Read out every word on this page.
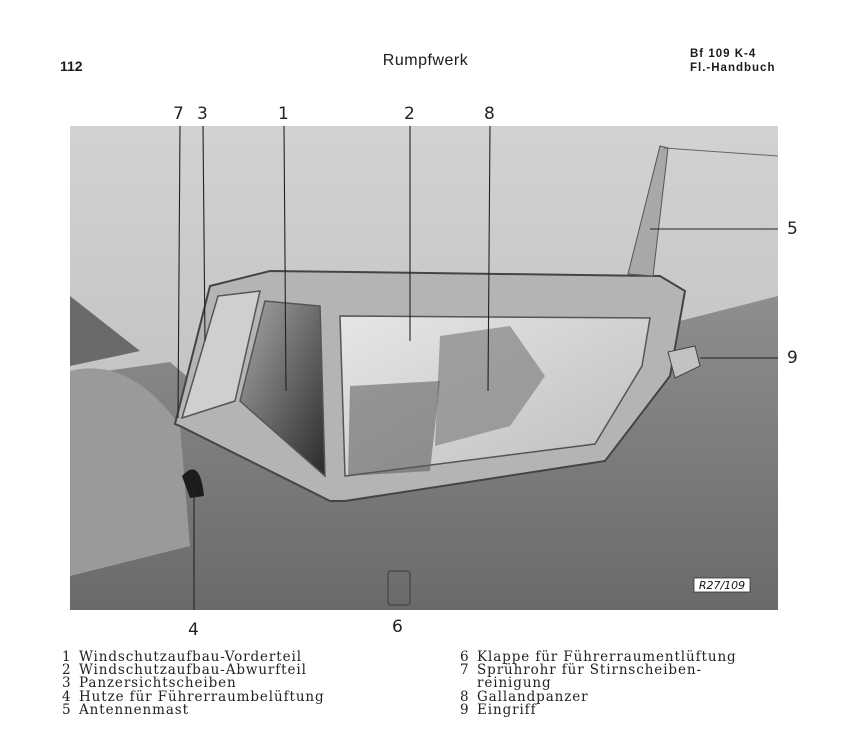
112	Rumpfwerk	Bf 109 K-4
Fl.-Handbuch
R27/109
7 3	1	2	8
5
9
4	6
1 Windschutzaufbau-Vorderteil
2 Windschutzaufbau-Abwurfteil
3 Panzersichtscheiben
4 Hutze für Führerraumbelüftung
5 Antennenmast
6 Klappe für Führerraumentlüftung
7 Sprührohr für Stirnscheiben-
reinigung
8 Gallandpanzer
9 Eingriff
